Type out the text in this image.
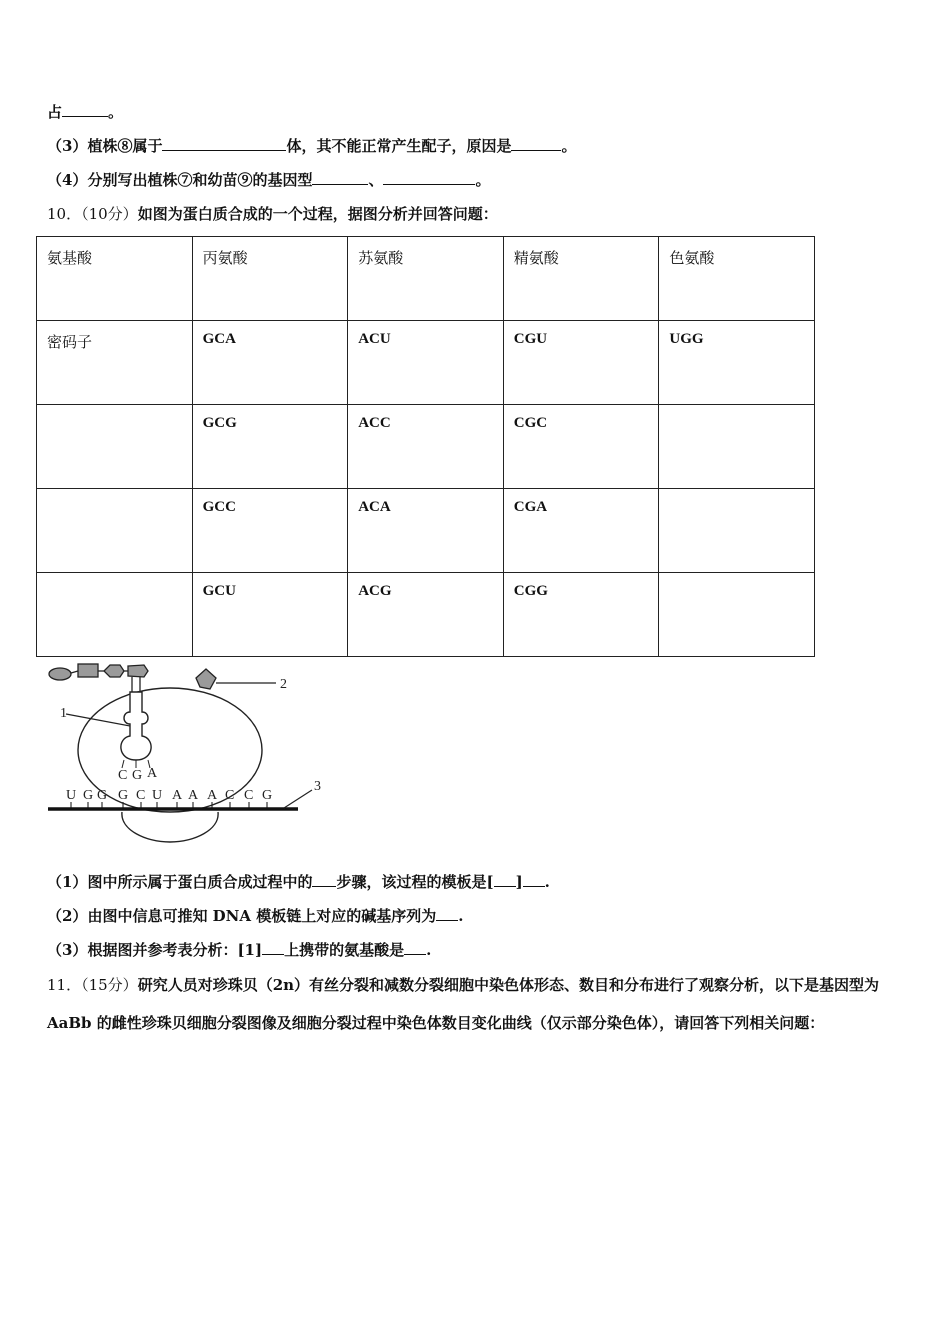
占	。
（3）植株⑧属于	体，其不能正常产生配子，原因是	。
（4）分别写出植株⑦和幼苗⑨的基因型	、	。
10．（10分）如图为蛋白质合成的一个过程，据图分析并回答问题：
氨基酸	丙氨酸	苏氨酸	精氨酸	色氨酸
密码子	GCA	ACU	CGU	UGG
	GCG	ACC	CGC	
	GCC	ACA	CGA	
	GCU	ACG	CGG	
2
1
C G A
U G G G C U A A A C C G
3
（1）图中所示属于蛋白质合成过程中的 步骤，该过程的模板是[ ] .
（2）由图中信息可推知 DNA 模板链上对应的碱基序列为 .
（3）根据图并参考表分析：[1] 上携带的氨基酸是 .
11．（15分）研究人员对珍珠贝（2n）有丝分裂和减数分裂细胞中染色体形态、数目和分布进行了观察分析，以下是基因型为 AaBb 的雌性珍珠贝细胞分裂图像及细胞分裂过程中染色体数目变化曲线（仅示部分染色体），请回答下列相关问题：
